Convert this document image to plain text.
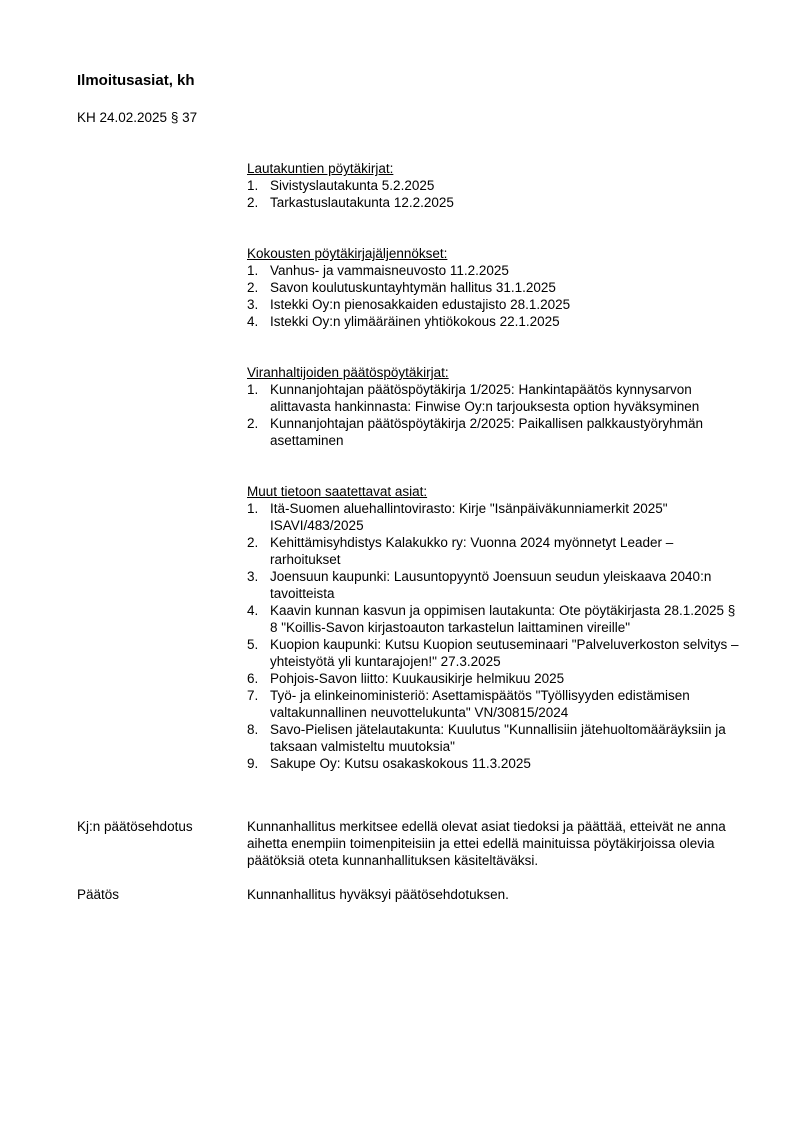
Ilmoitusasiat, kh
KH 24.02.2025 § 37
Lautakuntien pöytäkirjat:
1. Sivistyslautakunta 5.2.2025
2. Tarkastuslautakunta 12.2.2025
Kokousten pöytäkirjajäljennökset:
1. Vanhus- ja vammaisneuvosto 11.2.2025
2. Savon koulutuskuntayhtymän hallitus 31.1.2025
3. Istekki Oy:n pienosakkaiden edustajisto 28.1.2025
4. Istekki Oy:n ylimääräinen yhtiökokous 22.1.2025
Viranhaltijoiden päätöspöytäkirjat:
1. Kunnanjohtajan päätöspöytäkirja 1/2025: Hankintapäätös kynnysarvon alittavasta hankinnasta: Finwise Oy:n tarjouksesta option hyväksyminen
2. Kunnanjohtajan päätöspöytäkirja 2/2025: Paikallisen palkkaustyöryhmän asettaminen
Muut tietoon saatettavat asiat:
1. Itä-Suomen aluehallintovirasto: Kirje "Isänpäiväkunniamerkit 2025" ISAVI/483/2025
2. Kehittämisyhdistys Kalakukko ry: Vuonna 2024 myönnetyt Leader –rarhoitukset
3. Joensuun kaupunki: Lausuntopyyntö Joensuun seudun yleiskaava 2040:n tavoitteista
4. Kaavin kunnan kasvun ja oppimisen lautakunta: Ote pöytäkirjasta 28.1.2025 § 8 "Koillis-Savon kirjastoauton tarkastelun laittaminen vireille"
5. Kuopion kaupunki: Kutsu Kuopion seutuseminaari "Palveluverkoston selvitys – yhteistyötä yli kuntarajojen!" 27.3.2025
6. Pohjois-Savon liitto: Kuukausikirje helmikuu 2025
7. Työ- ja elinkeinoministeriö: Asettamispäätös "Työllisyyden edistämisen valtakunnallinen neuvottelukunta" VN/30815/2024
8. Savo-Pielisen jätelautakunta: Kuulutus "Kunnallisiin jätehuoltomääräyksiin ja taksaan valmisteltu muutoksia"
9. Sakupe Oy: Kutsu osakaskokous 11.3.2025
Kj:n päätösehdotus	Kunnanhallitus merkitsee edellä olevat asiat tiedoksi ja päättää, etteivät ne anna aihetta enempiin toimenpiteisiin ja ettei edellä mainituissa pöytäkirjoissa olevia päätöksiä oteta kunnanhallituksen käsiteltäväksi.
Päätös	Kunnanhallitus hyväksyi päätösehdotuksen.
